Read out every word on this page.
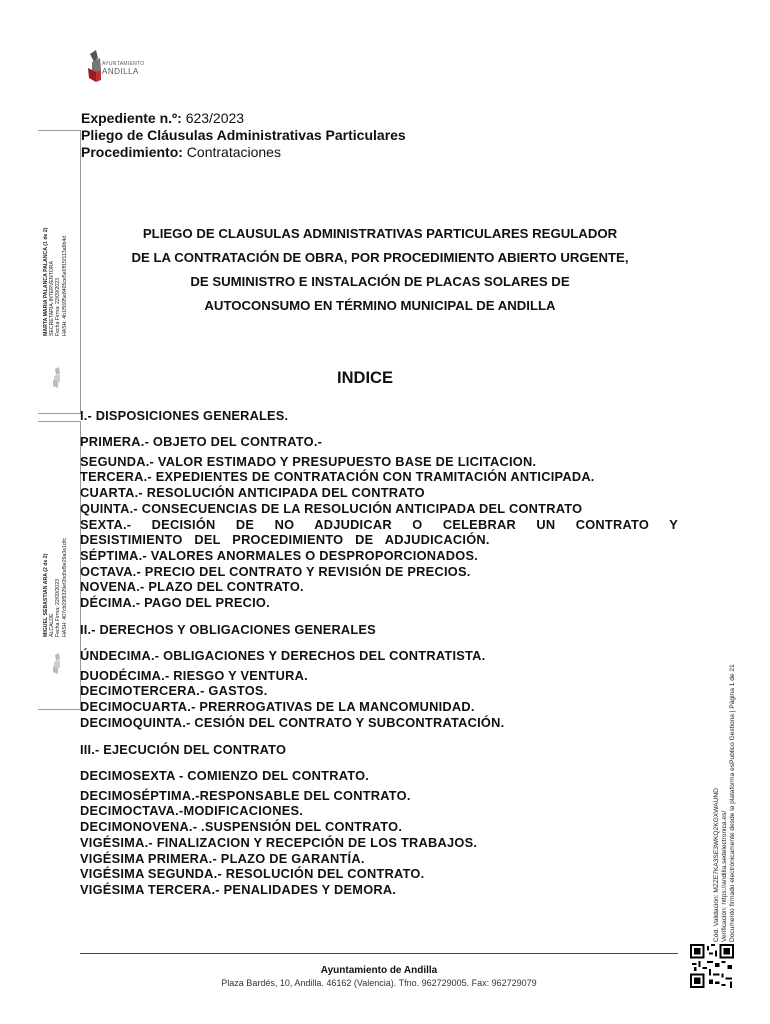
AYUNTAMIENTO
ANDILLA
Expediente n.º: 623/2023
Pliego de Cláusulas Administrativas Particulares
Procedimiento: Contrataciones
MARTA MARIA PALANCA PALANCA (1 de 2) SECRETARIA-INTERVENTORA Fecha Firma: 22/09/2023 HASH: 4b1f5695e8405ce5e0ff15f113a9b4d
MIGUEL SEBASTIAN ARA (2 de 2) ALCALDE Fecha Firma: 22/09/2023 HASH: 407cb09f9329ef2bdfaf9e29a3e1dfc
PLIEGO DE CLAUSULAS ADMINISTRATIVAS PARTICULARES REGULADOR
DE LA CONTRATACIÓN DE OBRA, POR PROCEDIMIENTO ABIERTO URGENTE,
DE SUMINISTRO E INSTALACIÓN DE PLACAS SOLARES DE
AUTOCONSUMO EN TÉRMINO MUNICIPAL DE ANDILLA
INDICE
I.- DISPOSICIONES GENERALES.
PRIMERA.- OBJETO DEL CONTRATO.-
SEGUNDA.- VALOR ESTIMADO Y PRESUPUESTO BASE DE LICITACION.
TERCERA.- EXPEDIENTES DE CONTRATACIÓN CON TRAMITACIÓN ANTICIPADA.
CUARTA.- RESOLUCIÓN ANTICIPADA DEL CONTRATO
QUINTA.- CONSECUENCIAS DE LA RESOLUCIÓN ANTICIPADA DEL CONTRATO
SEXTA.- DECISIÓN DE NO ADJUDICAR O CELEBRAR UN CONTRATO Y DESISTIMIENTO DEL PROCEDIMIENTO DE ADJUDICACIÓN.
SÉPTIMA.- VALORES ANORMALES O DESPROPORCIONADOS.
OCTAVA.- PRECIO DEL CONTRATO Y REVISIÓN DE PRECIOS.
NOVENA.- PLAZO DEL CONTRATO.
DÉCIMA.- PAGO DEL PRECIO.
II.- DERECHOS Y OBLIGACIONES GENERALES
ÚNDECIMA.- OBLIGACIONES Y DERECHOS DEL CONTRATISTA.
DUODÉCIMA.- RIESGO Y VENTURA.
DECIMOTERCERA.- GASTOS.
DECIMOCUARTA.- PRERROGATIVAS DE LA MANCOMUNIDAD.
DECIMOQUINTA.- CESIÓN DEL CONTRATO Y SUBCONTRATACIÓN.
III.- EJECUCIÓN DEL CONTRATO
DECIMOSEXTA - COMIENZO DEL CONTRATO.
DECIMOSÉPTIMA.-RESPONSABLE DEL CONTRATO.
DECIMOCTAVA.-MODIFICACIONES.
DECIMONOVENA.- .SUSPENSIÓN DEL CONTRATO.
VIGÉSIMA.- FINALIZACION Y RECEPCIÓN DE LOS TRABAJOS.
VIGÉSIMA PRIMERA.- PLAZO DE GARANTÍA.
VIGÉSIMA SEGUNDA.- RESOLUCIÓN DEL CONTRATO.
VIGÉSIMA TERCERA.- PENALIDADES Y DEMORA.	Cód. Validación: MZZE7KA3SE3WKQ2KGXWAUND Verificación: https://andilla.sedelectronica.es/ Documento firmado electrónicamente desde la plataforma esPublico Gestiona | Página 1 de 21
Ayuntamiento de Andilla
Plaza Bardés, 10, Andilla. 46162 (Valencia). Tfno. 962729005. Fax: 962729079
